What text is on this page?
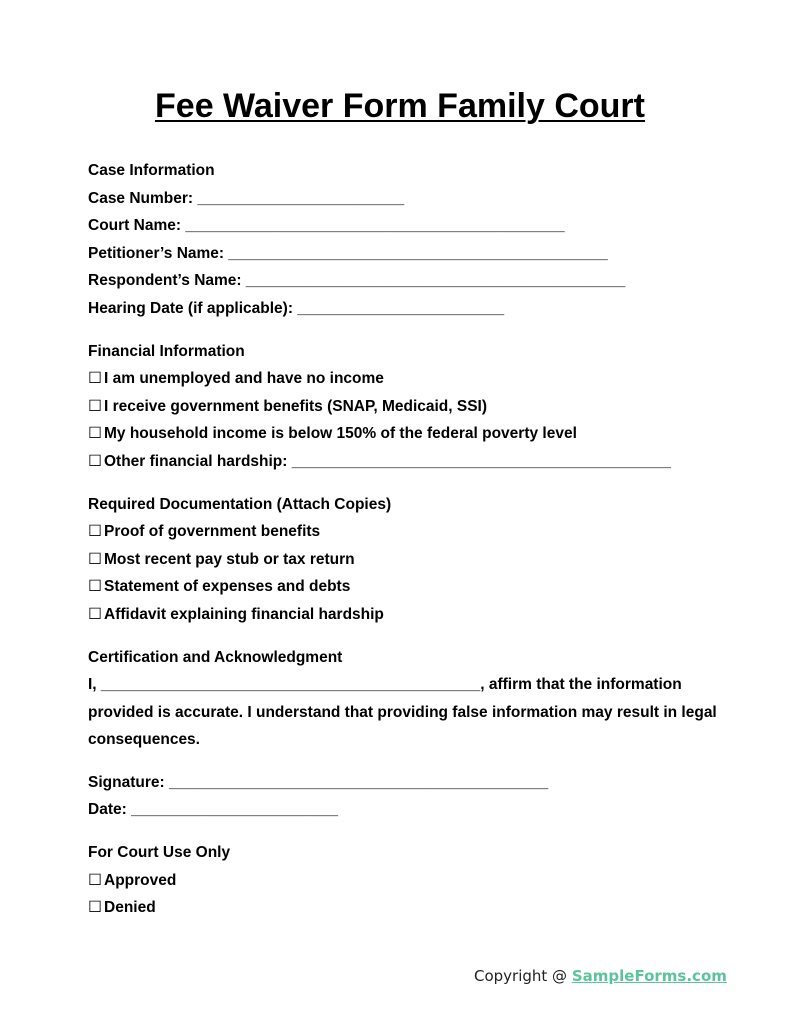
Fee Waiver Form Family Court
Case Information
Case Number: ________________________
Court Name: ____________________________________________
Petitioner’s Name: ____________________________________________
Respondent’s Name: ____________________________________________
Hearing Date (if applicable): ________________________
Financial Information
☐ I am unemployed and have no income
☐ I receive government benefits (SNAP, Medicaid, SSI)
☐ My household income is below 150% of the federal poverty level
☐ Other financial hardship: ____________________________________________
Required Documentation (Attach Copies)
☐ Proof of government benefits
☐ Most recent pay stub or tax return
☐ Statement of expenses and debts
☐ Affidavit explaining financial hardship
Certification and Acknowledgment
I, ____________________________________________, affirm that the information provided is accurate. I understand that providing false information may result in legal consequences.
Signature: ____________________________________________
Date: ________________________
For Court Use Only
☐ Approved
☐ Denied
Copyright @ SampleForms.com
